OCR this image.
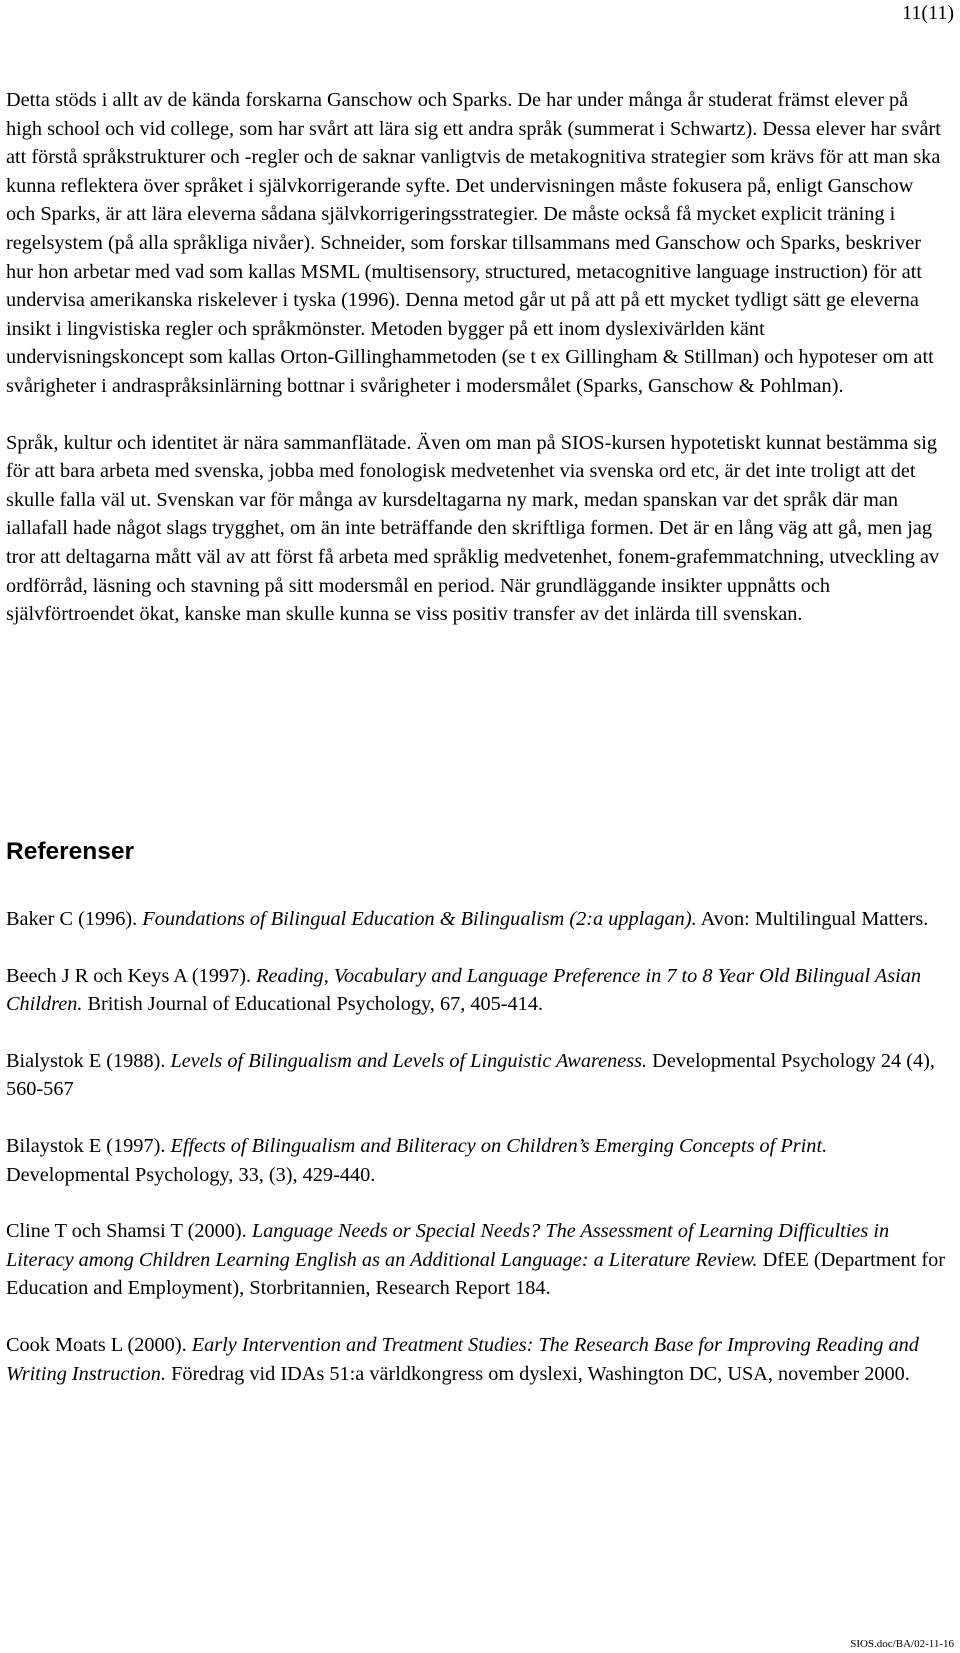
11(11)

Detta stöds i allt av de kända forskarna Ganschow och Sparks. De har under många år studerat främst elever på high school och vid college, som har svårt att lära sig ett andra språk (summerat i Schwartz). Dessa elever har svårt att förstå språkstrukturer och -regler och de saknar vanligtvis de metakognitiva strategier som krävs för att man ska kunna reflektera över språket i självkorrigerande syfte. Det undervisningen måste fokusera på, enligt Ganschow och Sparks, är att lära eleverna sådana självkorrigeringsstrategier. De måste också få mycket explicit träning i regelsystem (på alla språkliga nivåer). Schneider, som forskar tillsammans med Ganschow och Sparks, beskriver hur hon arbetar med vad som kallas MSML (multisensory, structured, metacognitive language instruction) för att undervisa amerikanska riskelever i tyska (1996). Denna metod går ut på att på ett mycket tydligt sätt ge eleverna insikt i lingvistiska regler och språkmönster. Metoden bygger på ett inom dyslexivärlden känt undervisningskoncept som kallas Orton-Gillinghammetoden (se t ex Gillingham & Stillman) och hypoteser om att svårigheter i andraspråksinlärning bottnar i svårigheter i modersmålet (Sparks, Ganschow & Pohlman).

Språk, kultur och identitet är nära sammanflätade. Även om man på SIOS-kursen hypotetiskt kunnat bestämma sig för att bara arbeta med svenska, jobba med fonologisk medvetenhet via svenska ord etc, är det inte troligt att det skulle falla väl ut. Svenskan var för många av kursdeltagarna ny mark, medan spanskan var det språk där man iallafall hade något slags trygghet, om än inte beträffande den skriftliga formen. Det är en lång väg att gå, men jag tror att deltagarna mått väl av att först få arbeta med språklig medvetenhet, fonem-grafemmatchning, utveckling av ordförråd, läsning och stavning på sitt modersmål en period. När grundläggande insikter uppnåtts och självförtroendet ökat, kanske man skulle kunna se viss positiv transfer av det inlärda till svenskan.

Referenser

Baker C (1996). Foundations of Bilingual Education & Bilingualism (2:a upplagan). Avon: Multilingual Matters.

Beech J R och Keys A (1997). Reading, Vocabulary and Language Preference in 7 to 8 Year Old Bilingual Asian Children. British Journal of Educational Psychology, 67, 405-414.

Bialystok E (1988). Levels of Bilingualism and Levels of Linguistic Awareness. Developmental Psychology 24 (4), 560-567

Bilaystok E (1997). Effects of Bilingualism and Biliteracy on Children’s Emerging Concepts of Print. Developmental Psychology, 33, (3), 429-440.

Cline T och Shamsi T (2000). Language Needs or Special Needs? The Assessment of Learning Difficulties in Literacy among Children Learning English as an Additional Language: a Literature Review. DfEE (Department for Education and Employment), Storbritannien, Research Report 184.

Cook Moats L (2000). Early Intervention and Treatment Studies: The Research Base for Improving Reading and Writing Instruction. Föredrag vid IDAs 51:a världkongress om dyslexi, Washington DC, USA, november 2000.

SIOS.doc/BA/02-11-16
